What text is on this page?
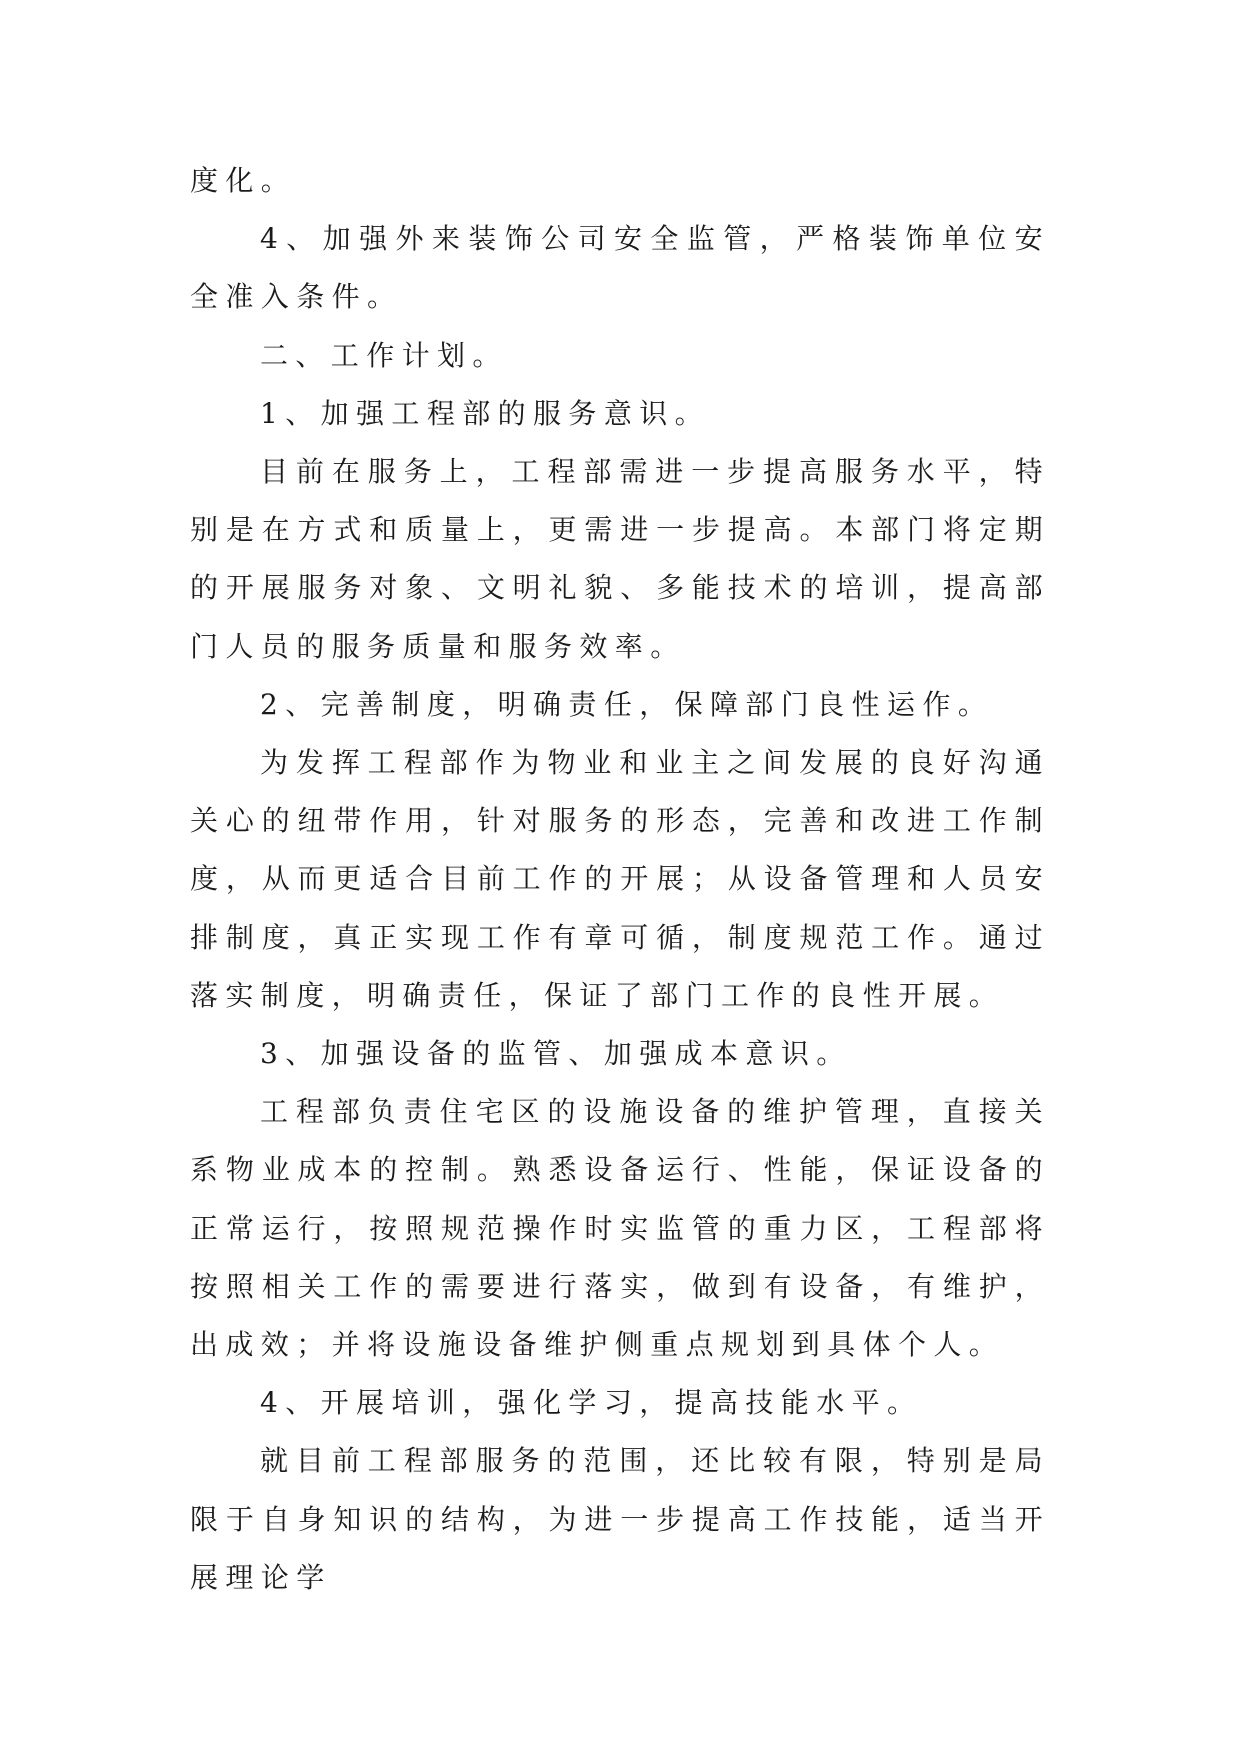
度化。

4、加强外来装饰公司安全监管，严格装饰单位安全准入条件。

二、工作计划。

1、加强工程部的服务意识。

目前在服务上，工程部需进一步提高服务水平，特别是在方式和质量上，更需进一步提高。本部门将定期的开展服务对象、文明礼貌、多能技术的培训，提高部门人员的服务质量和服务效率。

2、完善制度，明确责任，保障部门良性运作。

为发挥工程部作为物业和业主之间发展的良好沟通关心的纽带作用，针对服务的形态，完善和改进工作制度，从而更适合目前工作的开展；从设备管理和人员安排制度，真正实现工作有章可循，制度规范工作。通过落实制度，明确责任，保证了部门工作的良性开展。

3、加强设备的监管、加强成本意识。

工程部负责住宅区的设施设备的维护管理，直接关系物业成本的控制。熟悉设备运行、性能，保证设备的正常运行，按照规范操作时实监管的重力区，工程部将按照相关工作的需要进行落实，做到有设备，有维护，出成效；并将设施设备维护侧重点规划到具体个人。

4、开展培训，强化学习，提高技能水平。

就目前工程部服务的范围，还比较有限，特别是局限于自身知识的结构，为进一步提高工作技能，适当开展理论学
